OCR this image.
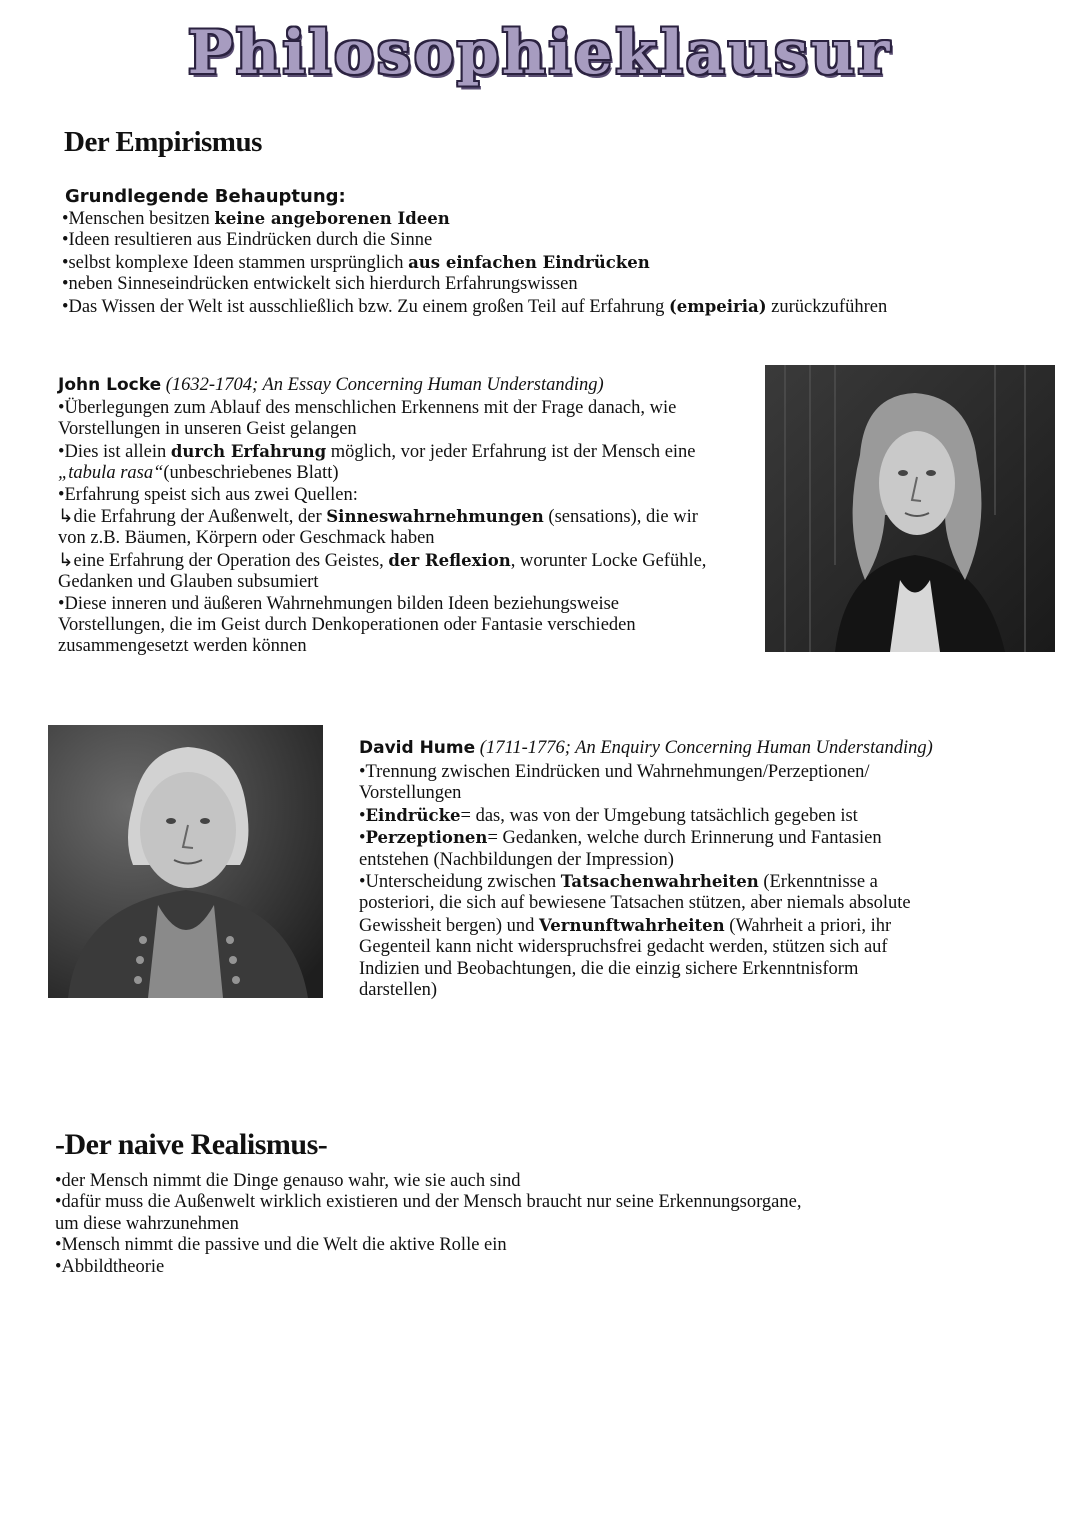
Philosophieklausur
Der Empirismus
Grundlegende Behauptung:
•Menschen besitzen keine angeborenen Ideen
•Ideen resultieren aus Eindrücken durch die Sinne
•selbst komplexe Ideen stammen ursprünglich aus einfachen Eindrücken
•neben Sinneseindrücken entwickelt sich hierdurch Erfahrungswissen
•Das Wissen der Welt ist ausschließlich bzw. Zu einem großen Teil auf Erfahrung (empeiria) zurückzuführen
John Locke (1632-1704; An Essay Concerning Human Understanding)
•Überlegungen zum Ablauf des menschlichen Erkennens mit der Frage danach, wie
Vorstellungen in unseren Geist gelangen
•Dies ist allein durch Erfahrung möglich, vor jeder Erfahrung ist der Mensch eine
„tabula rasa“(unbeschriebenes Blatt)
•Erfahrung speist sich aus zwei Quellen:
↳die Erfahrung der Außenwelt, der Sinneswahrnehmungen (sensations), die wir
von z.B. Bäumen, Körpern oder Geschmack haben
↳eine Erfahrung der Operation des Geistes, der Reflexion, worunter Locke Gefühle,
Gedanken und Glauben subsumiert
•Diese inneren und äußeren Wahrnehmungen bilden Ideen beziehungsweise
Vorstellungen, die im Geist durch Denkoperationen oder Fantasie verschieden
zusammengesetzt werden können
David Hume (1711-1776; An Enquiry Concerning Human Understanding)
•Trennung zwischen Eindrücken und Wahrnehmungen/Perzeptionen/
Vorstellungen
•Eindrücke= das, was von der Umgebung tatsächlich gegeben ist
•Perzeptionen= Gedanken, welche durch Erinnerung und Fantasien
entstehen (Nachbildungen der Impression)
•Unterscheidung zwischen Tatsachenwahrheiten (Erkenntnisse a
posteriori, die sich auf bewiesene Tatsachen stützen, aber niemals absolute
Gewissheit bergen) und Vernunftwahrheiten (Wahrheit a priori, ihr
Gegenteil kann nicht widerspruchsfrei gedacht werden, stützen sich auf
Indizien und Beobachtungen, die die einzig sichere Erkenntnisform
darstellen)
-Der naive Realismus-
•der Mensch nimmt die Dinge genauso wahr, wie sie auch sind
•dafür muss die Außenwelt wirklich existieren und der Mensch braucht nur seine Erkennungsorgane,
um diese wahrzunehmen
•Mensch nimmt die passive und die Welt die aktive Rolle ein
•Abbildtheorie
